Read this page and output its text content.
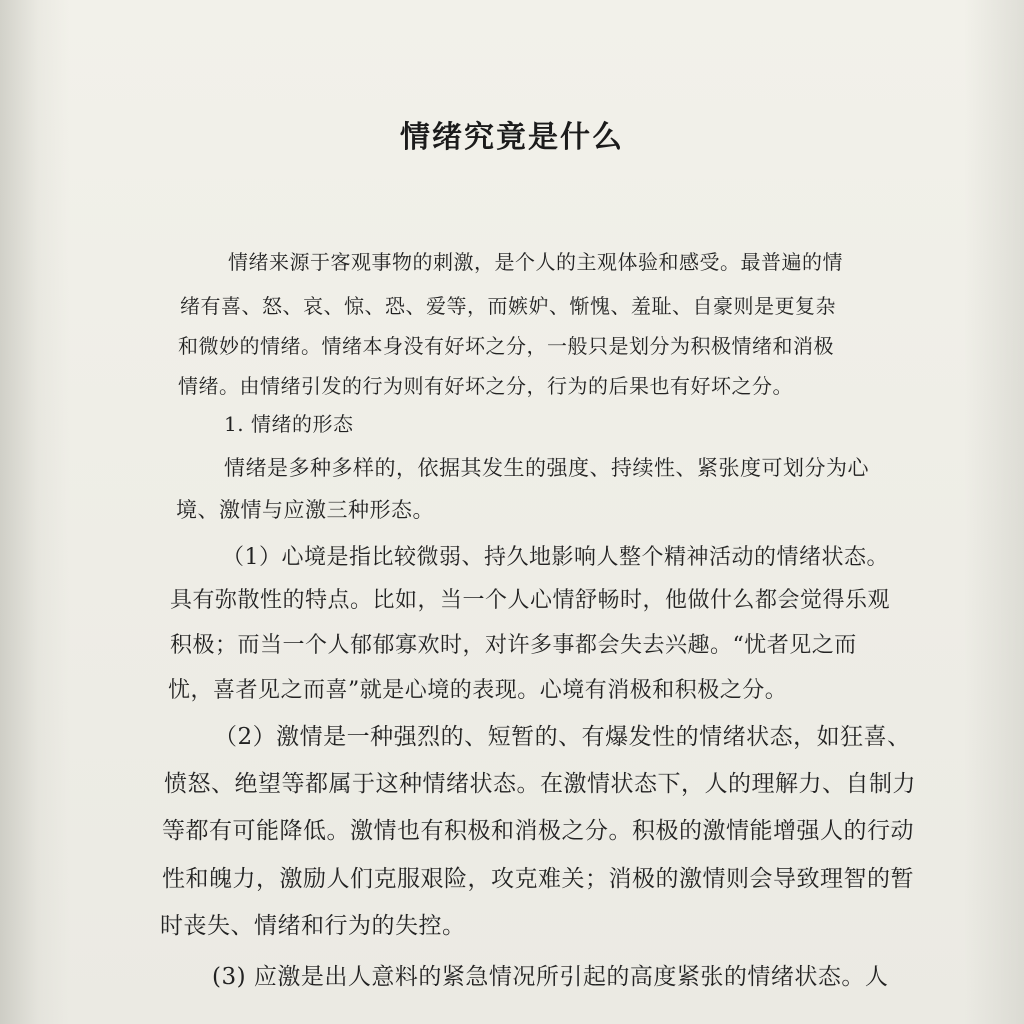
情绪究竟是什么
情绪来源于客观事物的刺激，是个人的主观体验和感受。最普遍的情
绪有喜、怒、哀、惊、恐、爱等，而嫉妒、惭愧、羞耻、自豪则是更复杂
和微妙的情绪。情绪本身没有好坏之分，一般只是划分为积极情绪和消极
情绪。由情绪引发的行为则有好坏之分，行为的后果也有好坏之分。
1. 情绪的形态
情绪是多种多样的，依据其发生的强度、持续性、紧张度可划分为心
境、激情与应激三种形态。
（1）心境是指比较微弱、持久地影响人整个精神活动的情绪状态。
具有弥散性的特点。比如，当一个人心情舒畅时，他做什么都会觉得乐观
积极；而当一个人郁郁寡欢时，对许多事都会失去兴趣。“忧者见之而
忧，喜者见之而喜”就是心境的表现。心境有消极和积极之分。
（2）激情是一种强烈的、短暂的、有爆发性的情绪状态，如狂喜、
愤怒、绝望等都属于这种情绪状态。在激情状态下，人的理解力、自制力
等都有可能降低。激情也有积极和消极之分。积极的激情能增强人的行动
性和魄力，激励人们克服艰险，攻克难关；消极的激情则会导致理智的暂
时丧失、情绪和行为的失控。
(3) 应激是出人意料的紧急情况所引起的高度紧张的情绪状态。人
